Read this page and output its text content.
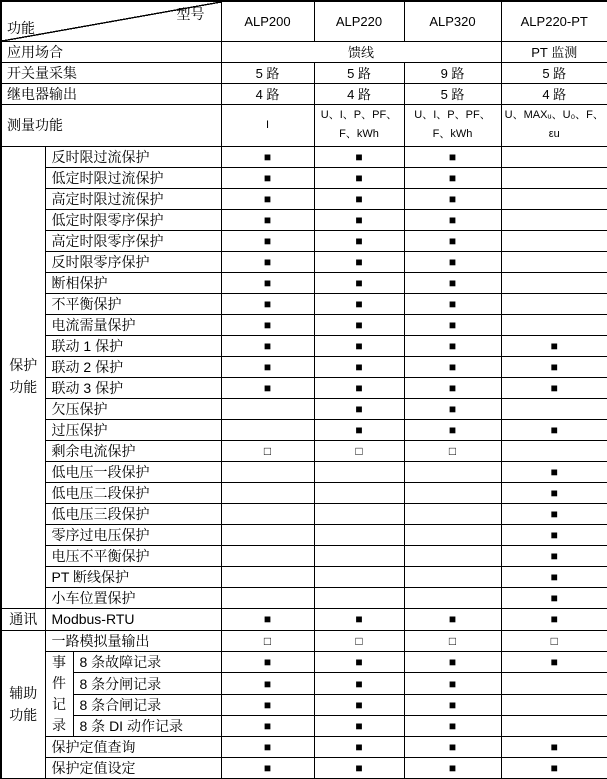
型号
功能			ALP200	ALP220	ALP320	ALP220-PT
应用场合			馈线			PT 监测
开关量采集			5 路	5 路	9 路	5 路
继电器输出			4 路	4 路	5 路	4 路
测量功能			I	U、I、P、PF、F、kWh	U、I、P、PF、F、kWh	U、MAXᵤ、U₀、F、εu
保护功能	反时限过流保护		■	■	■	
	低定时限过流保护		■	■	■	
	高定时限过流保护		■	■	■	
	低定时限零序保护		■	■	■	
	高定时限零序保护		■	■	■	
	反时限零序保护		■	■	■	
	断相保护		■	■	■	
	不平衡保护		■	■	■	
	电流需量保护		■	■	■	
	联动 1 保护		■	■	■	■
	联动 2 保护		■	■	■	■
	联动 3 保护		■	■	■	■
	欠压保护			■	■	
	过压保护			■	■	■
	剩余电流保护		□	□	□	
	低电压一段保护					■
	低电压二段保护					■
	低电压三段保护					■
	零序过电压保护					■
	电压不平衡保护					■
	PT 断线保护					■
	小车位置保护					■
通讯	Modbus-RTU		■	■	■	■
辅助功能	一路模拟量输出		□	□	□	□
	事件记录	8 条故障记录	■	■	■	■
		8 条分闸记录	■	■	■	
		8 条合闸记录	■	■	■	
		8 条 DI 动作记录	■	■	■	
	保护定值查询		■	■	■	■
	保护定值设定		■	■	■	■
